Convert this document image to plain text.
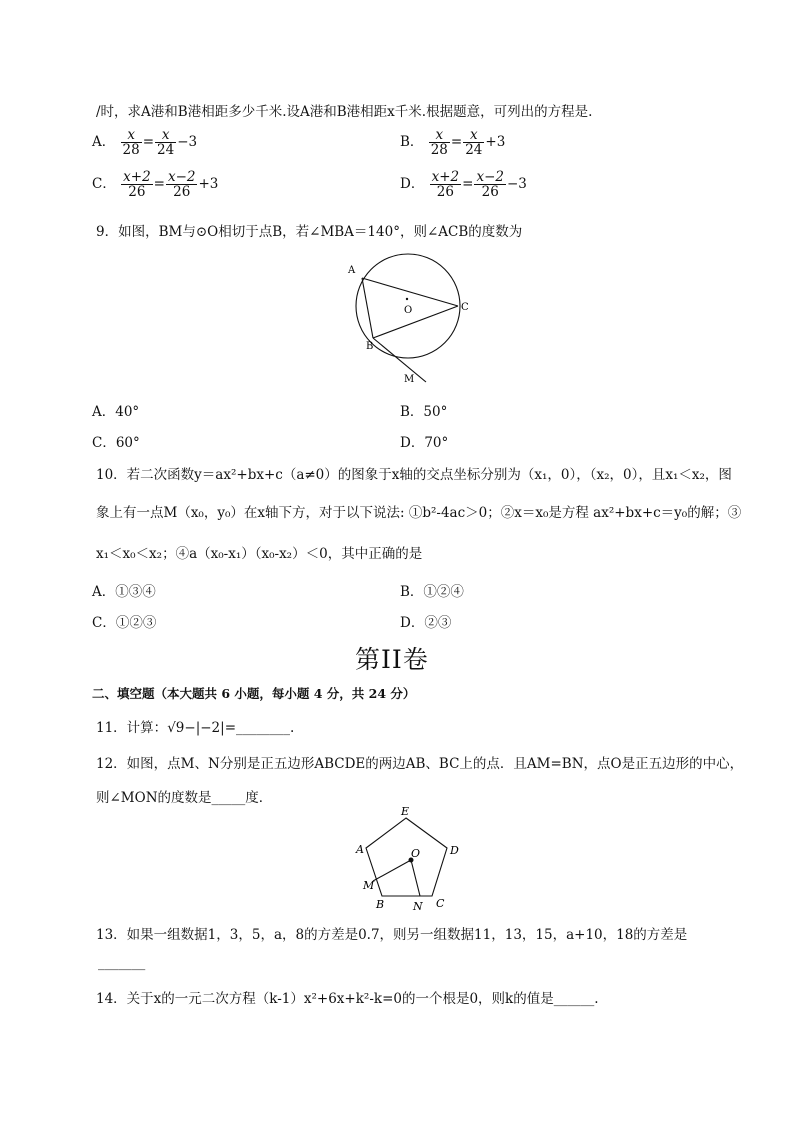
/时，求A港和B港相距多少千米.设A港和B港相距x千米.根据题意，可列出的方程是.
A． $\frac{x}{28} = \frac{x}{24} -3$	B． $\frac{x}{28} = \frac{x}{24} +3$
C． $\frac{x+2}{26} = \frac{x-2}{26} +3$	D． $\frac{x+2}{26} = \frac{x-2}{26} -3$
9．如图，BM与⊙O相切于点B，若∠MBA＝140°，则∠ACB的度数为
A
B
C
O
M
A．40°	B．50°
C．60°	D．70°
10．若二次函数y＝ax²+bx+c（a≠0）的图象于x轴的交点坐标分别为（x₁，0），（x₂，0），且x₁＜x₂，图
象上有一点M（x₀，y₀）在x轴下方，对于以下说法: ①b²-4ac＞0；②x＝x₀是方程 ax²+bx+c＝y₀的解；③
x₁＜x₀＜x₂；④a（x₀-x₁）（x₀-x₂）＜0，其中正确的是
A．①③④	B．①②④
C．①②③	D．②③
第II卷
二、填空题（本大题共 6 小题，每小题 4 分，共 24 分）
11．计算：√9−|−2|=________.
12．如图，点M、N分别是正五边形ABCDE的两边AB、BC上的点．且AM=BN，点O是正五边形的中心，
则∠MON的度数是_____度．
E
D
A	O
M
B	N C
13．如果一组数据1，3，5，a，8的方差是0.7，则另一组数据11，13，15，a+10，18的方差是
_______
14．关于x的一元二次方程（k-1）x²+6x+k²-k=0的一个根是0，则k的值是______.
